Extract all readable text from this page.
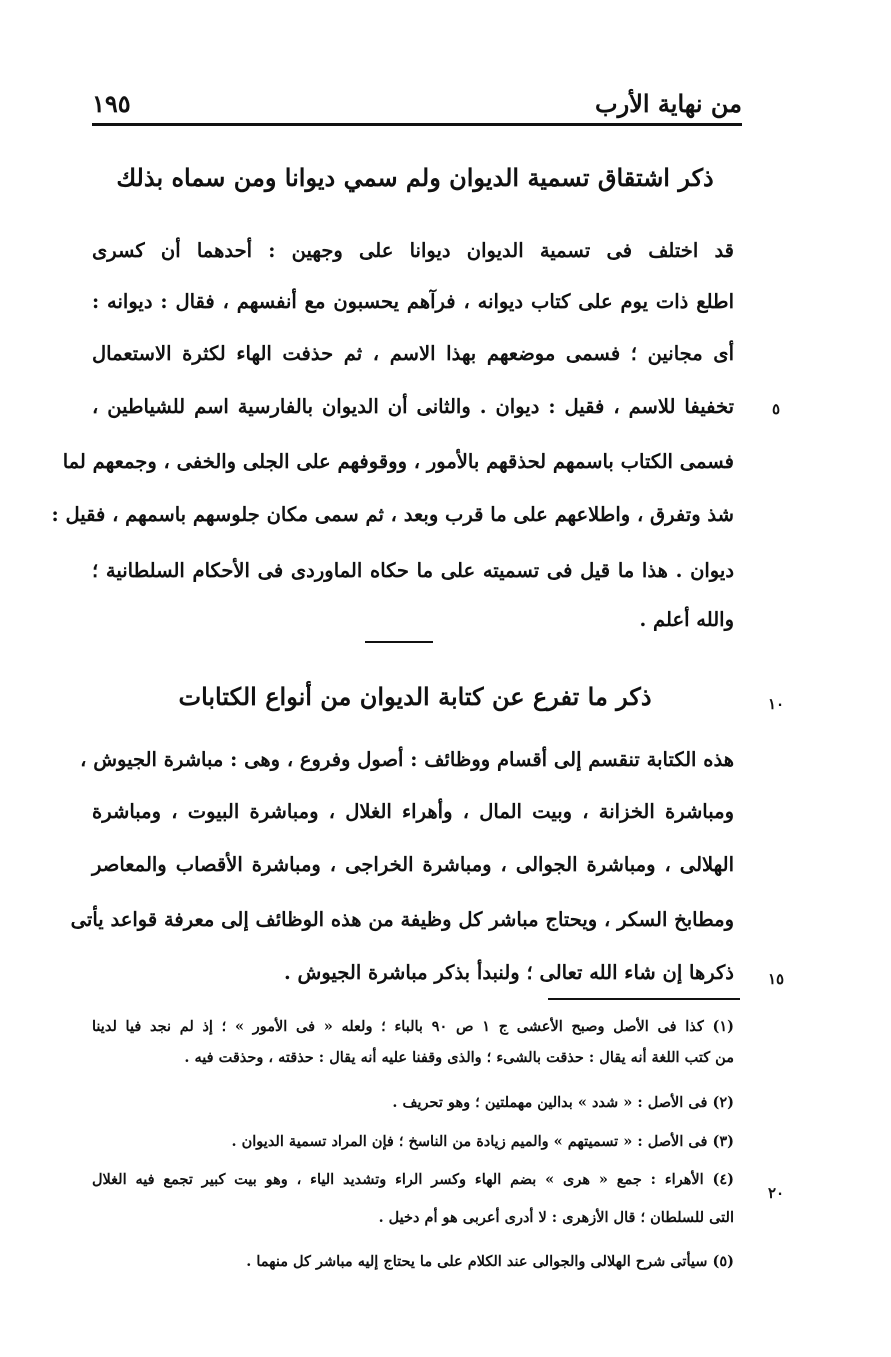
من نهاية الأرب
١٩٥
ذكر اشتقاق تسمية الديوان ولم سمي ديوانا ومن سماه بذلك
قد اختلف فى تسمية الديوان ديوانا على وجهين : أحدهما أن كسرى
اطلع ذات يوم على كتاب ديوانه ، فرآهم يحسبون مع أنفسهم ، فقال : ديوانه :
أى مجانين ؛ فسمى موضعهم بهذا الاسم ، ثم حذفت الهاء لكثرة الاستعمال
تخفيفا للاسم ، فقيل : ديوان . والثانى أن الديوان بالفارسية اسم للشياطين ،
فسمى الكتاب باسمهم لحذقهم بالأمور ، ووقوفهم على الجلى والخفى ، وجمعهم لما
شذ وتفرق ، واطلاعهم على ما قرب وبعد ، ثم سمى مكان جلوسهم باسمهم ، فقيل :
ديوان . هذا ما قيل فى تسميته على ما حكاه الماوردى فى الأحكام السلطانية ؛
والله أعلم .
٥
ذكر ما تفرع عن كتابة الديوان من أنواع الكتابات	١٠
هذه الكتابة تنقسم إلى أقسام ووظائف : أصول وفروع ، وهى : مباشرة الجيوش ،
ومباشرة الخزانة ، وبيت المال ، وأهراء الغلال ، ومباشرة البيوت ، ومباشرة
الهلالى ، ومباشرة الجوالى ، ومباشرة الخراجى ، ومباشرة الأقصاب والمعاصر
ومطابخ السكر ، ويحتاج مباشر كل وظيفة من هذه الوظائف إلى معرفة قواعد يأتى
ذكرها إن شاء الله تعالى ؛ ولنبدأ بذكر مباشرة الجيوش . ١٥
(١) كذا فى الأصل وصبح الأعشى ج ١ ص ٩٠ بالباء ؛ ولعله « فى الأمور » ؛ إذ لم نجد فيا لدينا
من كتب اللغة أنه يقال : حذقت بالشىء ؛ والذى وقفنا عليه أنه يقال : حذقته ، وحذقت فيه .
(٢) فى الأصل : « شدد » بدالين مهملتين ؛ وهو تحريف .
(٣) فى الأصل : « تسميتهم » والميم زيادة من الناسخ ؛ فإن المراد تسمية الديوان .
(٤) الأهراء : جمع « هرى » بضم الهاء وكسر الراء وتشديد الياء ، وهو بيت كبير تجمع فيه الغلال
التى للسلطان ؛ قال الأزهرى : لا أدرى أعربى هو أم دخيل .
(٥) سيأتى شرح الهلالى والجوالى عند الكلام على ما يحتاج إليه مباشر كل منهما .
٢٠
